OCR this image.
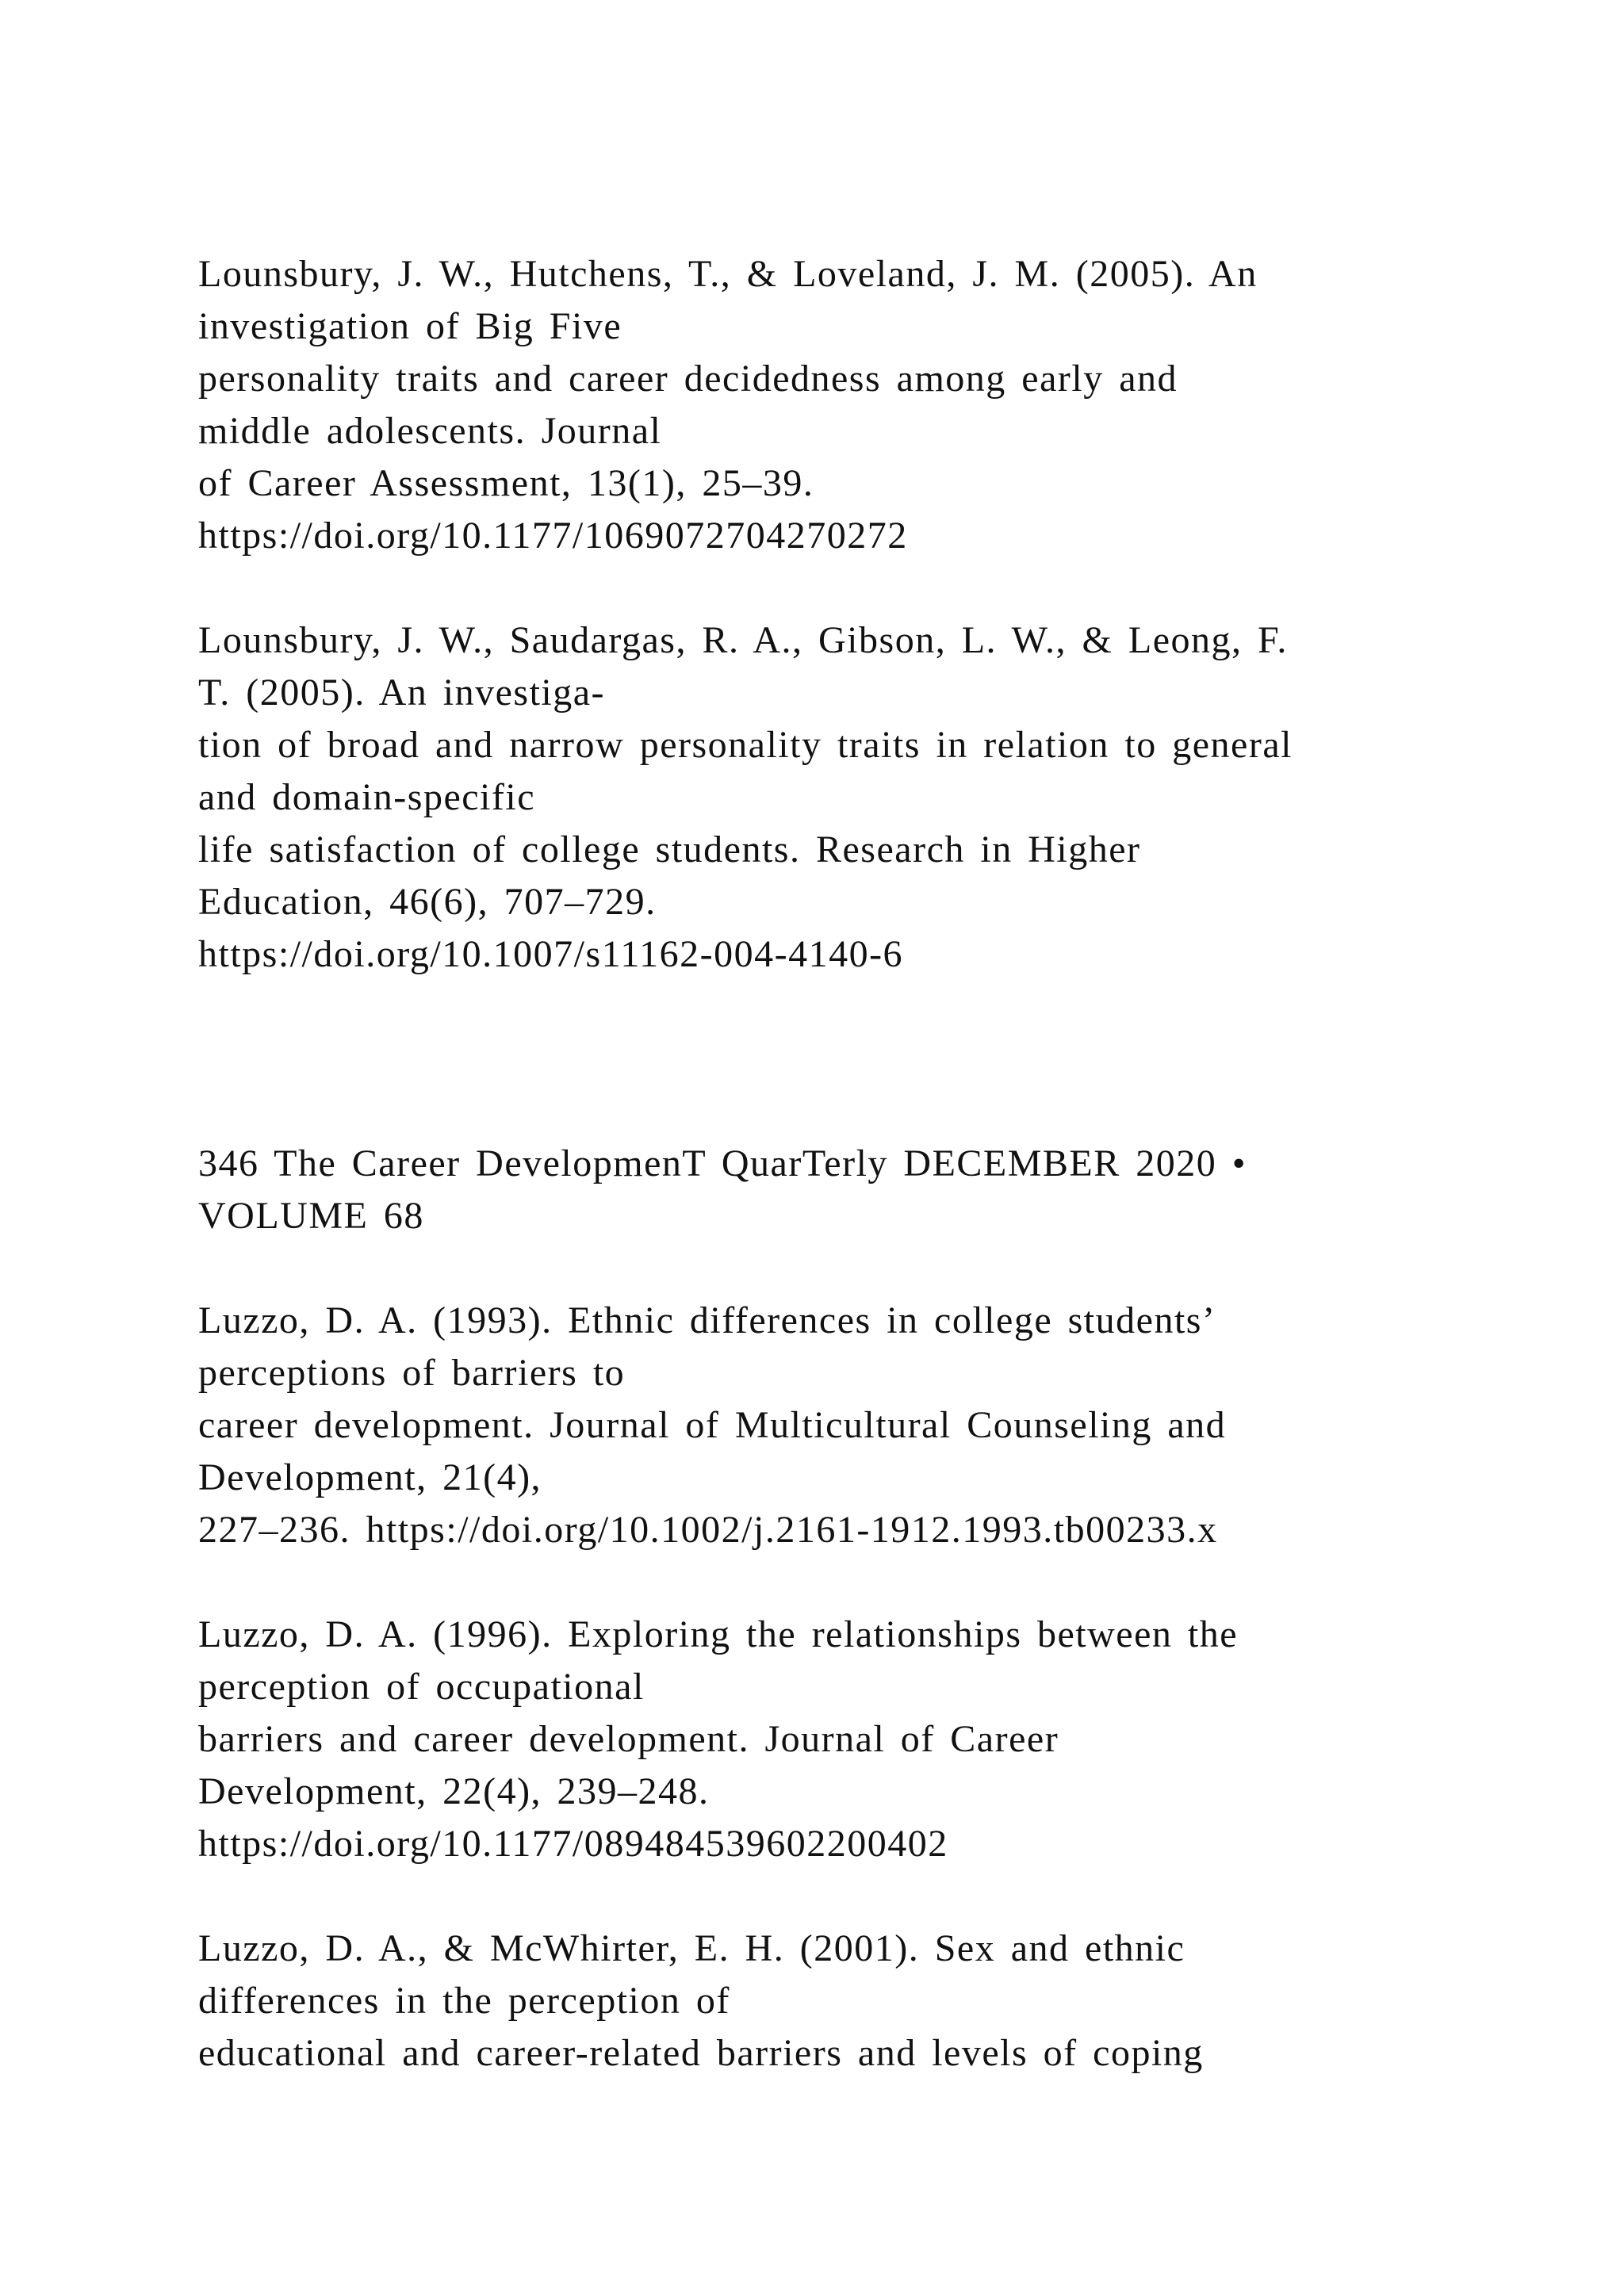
Lounsbury, J. W., Hutchens, T., & Loveland, J. M. (2005). An
investigation of Big Five
personality traits and career decidedness among early and
middle adolescents. Journal
of Career Assessment, 13(1), 25–39.
https://doi.org/10.1177/1069072704270272
Lounsbury, J. W., Saudargas, R. A., Gibson, L. W., & Leong, F.
T. (2005). An investiga-
tion of broad and narrow personality traits in relation to general
and domain-specific
life satisfaction of college students. Research in Higher
Education, 46(6), 707–729.
https://doi.org/10.1007/s11162-004-4140-6
346 The Career DevelopmenT QuarTerly DECEMBER 2020 •
VOLUME 68
Luzzo, D. A. (1993). Ethnic differences in college students’
perceptions of barriers to
career development. Journal of Multicultural Counseling and
Development, 21(4),
227–236. https://doi.org/10.1002/j.2161-1912.1993.tb00233.x
Luzzo, D. A. (1996). Exploring the relationships between the
perception of occupational
barriers and career development. Journal of Career
Development, 22(4), 239–248.
https://doi.org/10.1177/089484539602200402
Luzzo, D. A., & McWhirter, E. H. (2001). Sex and ethnic
differences in the perception of
educational and career-related barriers and levels of coping
